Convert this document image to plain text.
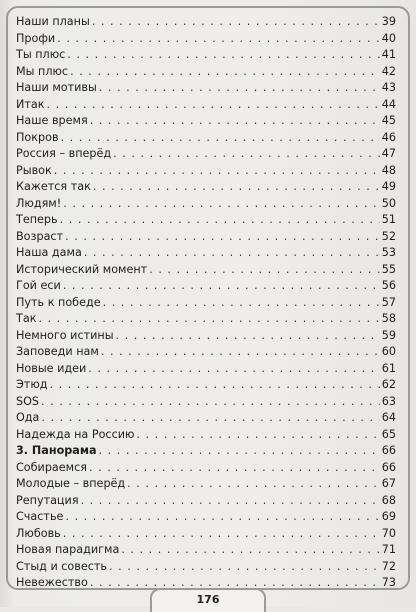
Наши планы . . .	39
Профи . . .	40
Ты плюс . . .	41
Мы плюс . . .	42
Наши мотивы . . .	43
Итак . . .	44
Наше время . . .	45
Покров . . .	46
Россия – вперёд . . .	47
Рывок . . .	48
Кажется так . . .	49
Людям! . . .	50
Теперь . . .	51
Возраст . . .	52
Наша дама . . .	53
Исторический момент . . .	55
Гой еси . . .	56
Путь к победе . . .	57
Так . . .	58
Немного истины . . .	59
Заповеди нам . . .	60
Новые идеи . . .	61
Этюд . . .	62
SOS . . .	63
Ода . . .	64
Надежда на Россию . . .	65
3. Панорама . . .	66
Собираемся . . .	66
Молодые – вперёд . . .	67
Репутация . . .	68
Счастье . . .	69
Любовь . . .	70
Новая парадигма . . .	71
Стыд и совесть . . .	72
Невежество . . .	73
176
